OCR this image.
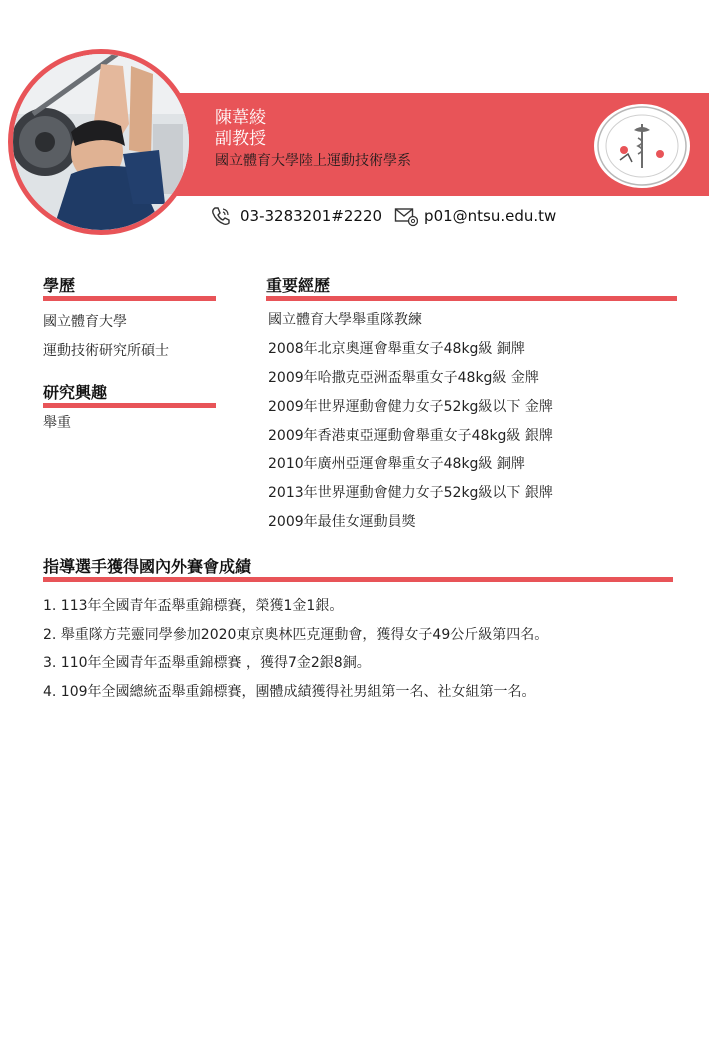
陳葦綾
副教授
國立體育大學陸上運動技術學系
03-3283201#2220	p01@ntsu.edu.tw
學歷
國立體育大學
運動技術研究所碩士
研究興趣
舉重
重要經歷
國立體育大學舉重隊教練
2008年北京奧運會舉重女子48kg級 銅牌
2009年哈撒克亞洲盃舉重女子48kg級 金牌
2009年世界運動會健力女子52kg級以下 金牌
2009年香港東亞運動會舉重女子48kg級 銀牌
2010年廣州亞運會舉重女子48kg級 銅牌
2013年世界運動會健力女子52kg級以下 銀牌
2009年最佳女運動員獎
指導選手獲得國內外賽會成績
1. 113年全國青年盃舉重錦標賽，榮獲1金1銀。
2. 舉重隊方芫靈同學參加2020東京奧林匹克運動會，獲得女子49公斤級第四名。
3. 110年全國青年盃舉重錦標賽 ，獲得7金2銀8銅。
4. 109年全國總統盃舉重錦標賽，團體成績獲得社男組第一名、社女組第一名。
